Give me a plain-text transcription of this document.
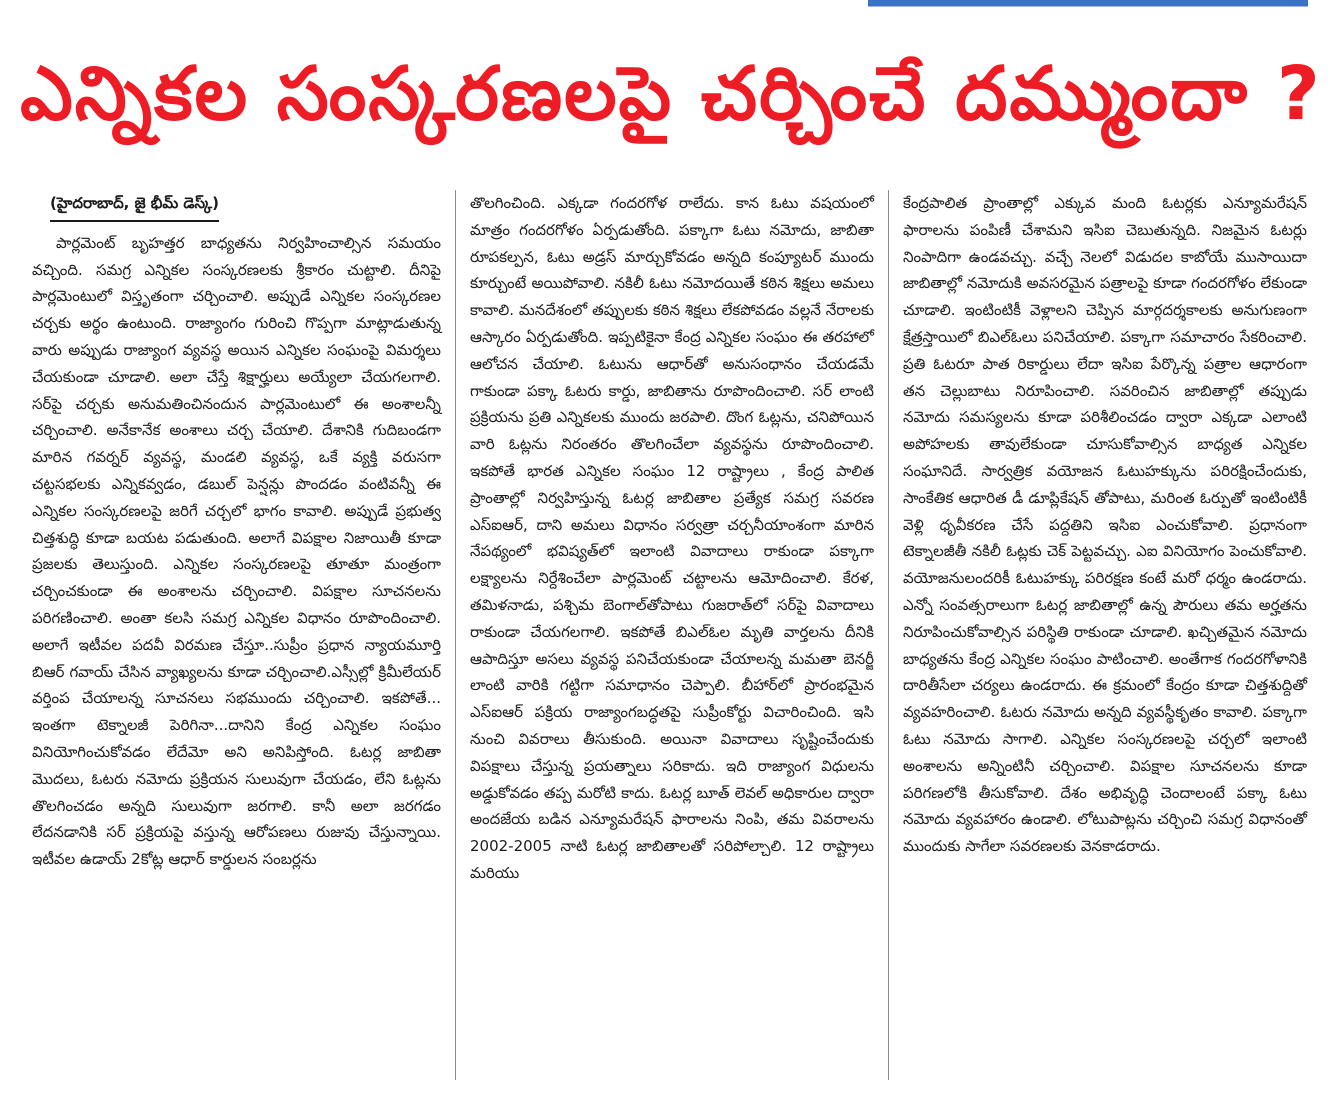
ఎన్నికల సంస్కరణలపై చర్చించే దమ్ముందా ?
(హైదరాబాద్, జై భీమ్ డెస్క్)

పార్లమెంట్ బృహత్తర బాధ్యతను నిర్వహించాల్సిన సమయం వచ్చింది. సమగ్ర ఎన్నికల సంస్కరణలకు శ్రీకారం చుట్టాలి. దీనిపై పార్లమెంటులో విస్తృతంగా చర్చించాలి. అప్పుడే ఎన్నికల సంస్కరణల చర్చకు అర్థం ఉంటుంది. రాజ్యాంగం గురించి గొప్పగా మాట్లాడుతున్న వారు అప్పుడు రాజ్యాంగ వ్యవస్థ అయిన ఎన్నికల సంఘంపై విమర్శలు చేయకుండా చూడాలి. అలా చేస్తే శిక్షార్హులు అయ్యేలా చేయగలగాలి. సర్‌పై చర్చకు అనుమతించినందున పార్లమెంటులో ఈ అంశాలన్నీ చర్చించాలి. అనేకానేక అంశాలు చర్చ చేయాలి. దేశానికి గుదిబండగా మారిన గవర్నర్ వ్యవస్థ, మండలి వ్యవస్థ, ఒకే వ్యక్తి వరుసగా చట్టసభలకు ఎన్నికవ్వడం, డబుల్ పెన్షన్లు పొందడం వంటివన్నీ ఈ ఎన్నికల సంస్కరణలపై జరిగే చర్చలో భాగం కావాలి. అప్పుడే ప్రభుత్వ చిత్తశుద్ధి కూడా బయట పడుతుంది. అలాగే విపక్షాల నిజాయితీ కూడా ప్రజలకు తెలుస్తుంది. ఎన్నికల సంస్కరణలపై తూతూ మంత్రంగా చర్చించకుండా ఈ అంశాలను చర్చించాలి. విపక్షాల సూచనలను పరిగణించాలి. అంతా కలసి సమగ్ర ఎన్నికల విధానం రూపొందించాలి. అలాగే ఇటీవల పదవీ విరమణ చేస్తూ..సుప్రీం ప్రధాన న్యాయమూర్తి బిఆర్ గవాయ్ చేసిన వ్యాఖ్యలను కూడా చర్చించాలి.ఎస్సీల్లో క్రిమీలేయర్ వర్తింప చేయాలన్న సూచనలు సభముందు చర్చించాలి. ఇకపోతే... ఇంతగా టెక్నాలజీ పెరిగినా...దానిని కేంద్ర ఎన్నికల సంఘం వినియోగించుకోవడం లేదేమో అని అనిపిస్తోంది. ఓటర్ల జాబితా మొదలు, ఓటరు నమోదు ప్రక్రియన సులువుగా చేయడం, లేని ఓట్లను తొలగించడం అన్నది సులువుగా జరగాలి. కానీ అలా జరగడం లేదనడానికి సర్ ప్రక్రియపై వస్తున్న ఆరోపణలు రుజువు చేస్తున్నాయి. ఇటీవల ఉడాయ్ 2కోట్ల ఆధార్ కార్డులన సంబర్లను

తొలగించింది. ఎక్కడా గందరగోళ రాలేదు. కాన ఓటు వషయంలో మాత్రం గందరగోళం ఏర్పడుతోంది. పక్కాగా ఓటు నమోదు, జాబితా రూపకల్పన, ఓటు అడ్రస్ మార్చుకోవడం అన్నది కంప్యూటర్ ముందు కూర్చుంటే అయిపోవాలి. నకిలీ ఓటు నమోదయితే కఠిన శిక్షలు అమలు కావాలి. మనదేశంలో తప్పులకు కఠిన శిక్షలు లేకపోవడం వల్లనే నేరాలకు ఆస్కారం ఏర్పడుతోంది. ఇప్పటికైనా కేంద్ర ఎన్నికల సంఘం ఈ తరహాలో ఆలోచన చేయాలి. ఓటును ఆధార్‌తో అనుసంధానం చేయడమే గాకుండా పక్కా ఓటరు కార్డు, జాబితాను రూపొందించాలి. సర్ లాంటి ప్రక్రియను ప్రతి ఎన్నికలకు ముందు జరపాలి. దొంగ ఓట్లను, చనిపోయిన వారి ఓట్లను నిరంతరం తొలగించేలా వ్యవస్థను రూపొందించాలి. ఇకపోతే భారత ఎన్నికల సంఘం 12 రాష్ట్రాలు , కేంద్ర పాలిత ప్రాంతాల్లో నిర్వహిస్తున్న ఓటర్ల జాబితాల ప్రత్యేక సమగ్ర సవరణ ఎస్ఐఆర్, దాని అమలు విధానం సర్వత్రా చర్చనీయాంశంగా మారిన నేపథ్యంలో భవిష్యత్‌లో ఇలాంటి వివాదాలు రాకుండా పక్కాగా లక్ష్యాలను నిర్దేశించేలా పార్లమెంట్ చట్టాలను ఆమోదించాలి. కేరళ, తమిళనాడు, పశ్చిమ బెంగాల్‌తోపాటు గుజరాత్‌లో సర్‌పై వివాదాలు రాకుండా చేయగలగాలి. ఇకపోతే బిఎల్ఓల మృతి వార్తలను దీనికి ఆపాదిస్తూ అసలు వ్యవస్థ పనిచేయకుండా చేయాలన్న మమతా బెనర్జీ లాంటి వారికి గట్టిగా సమాధానం చెప్పాలి. బీహార్‌లో ప్రారంభమైన ఎస్ఐఆర్ పక్రియ రాజ్యాంగబద్ధతపై సుప్రీంకోర్టు విచారించింది. ఇసి నుంచి వివరాలు తీసుకుంది. అయినా వివాదాలు సృష్టించేందుకు విపక్షాలు చేస్తున్న ప్రయత్నాలు సరికాదు. ఇది రాజ్యాంగ విధులను అడ్డుకోవడం తప్ప మరోటి కాదు. ఓటర్ల బూత్ లెవల్ అధికారుల ద్వారా అందజేయ బడిన ఎన్యూమరేషన్ ఫారాలను నింపి, తమ వివరాలను 2002-2005 నాటి ఓటర్ల జాబితాలతో సరిపోల్చాలి. 12 రాష్ట్రాలు మరియు

కేంద్రపాలిత ప్రాంతాల్లో ఎక్కువ మంది ఓటర్లకు ఎన్యూమరేషన్ ఫారాలను పంపిణీ చేశామని ఇసిఐ చెబుతున్నది. నిజమైన ఓటర్లు నింపాదిగా ఉండవచ్చు. వచ్చే నెలలో విడుదల కాబోయే ముసాయిదా జాబితాల్లో నమోదుకి అవసరమైన పత్రాలపై కూడా గందరగోళం లేకుండా చూడాలి. ఇంటింటికీ వెళ్లాలని చెప్పిన మార్గదర్శకాలకు అనుగుణంగా క్షేత్రస్తాయిలో బిఎల్ఓలు పనిచేయాలి. పక్కాగా సమాచారం సేకరించాలి. ప్రతి ఓటరూ పాత రికార్డులు లేదా ఇసిఐ పేర్కొన్న పత్రాల ఆధారంగా తన చెల్లుబాటు నిరూపించాలి. సవరించిన జాబితాల్లో తప్పుడు నమోదు సమస్యలను కూడా పరిశీలించడం ద్వారా ఎక్కడా ఎలాంటి అపోహలకు తావులేకుండా చూసుకోవాల్సిన బాధ్యత ఎన్నికల సంఘానిదే. సార్వత్రిక వయోజన ఓటుహక్కును పరిరక్షించేందుకు, సాంకేతిక ఆధారిత డీ డూప్లికేషన్ తోపాటు, మరింత ఓర్పుతో ఇంటింటికీ వెళ్లి ధృవీకరణ చేసే పద్దతిని ఇసిఐ ఎంచుకోవాలి. ప్రధానంగా టెక్నాలజీతీ నకిలీ ఓట్లకు చెక్ పెట్టవచ్చు. ఎఐ వినియోగం పెంచుకోవాలి. వయోజనులందరికీ ఓటుహక్కు పరిరక్షణ కంటే మరో ధర్మం ఉండరాదు. ఎన్నో సంవత్సరాలుగా ఓటర్ల జాబితాల్లో ఉన్న పౌరులు తమ అర్హతను నిరూపించుకోవాల్సిన పరిస్థితి రాకుండా చూడాలి. ఖచ్చితమైన నమోదు బాధ్యతను కేంద్ర ఎన్నికల సంఘం పాటించాలి. అంతేగాక గందరగోళానికి దారితీసేలా చర్యలు ఉండరాదు. ఈ క్రమంలో కేంద్రం కూడా చిత్తశుద్దితో వ్యవహరించాలి. ఓటరు నమోదు అన్నది వ్యవస్థీకృతం కావాలి. పక్కాగా ఓటు నమోదు సాగాలి. ఎన్నికల సంస్కరణలపై చర్చలో ఇలాంటి అంశాలను అన్నింటినీ చర్చించాలి. విపక్షాల సూచనలను కూడా పరిగణలోకి తీసుకోవాలి. దేశం అభివృద్ధి చెందాలంటే పక్కా ఓటు నమోదు వ్యవహారం ఉండాలి. లోటుపాట్లను చర్చించి సమగ్ర విధానంతో ముందుకు సాగేలా సవరణలకు వెనకాడరాదు.
